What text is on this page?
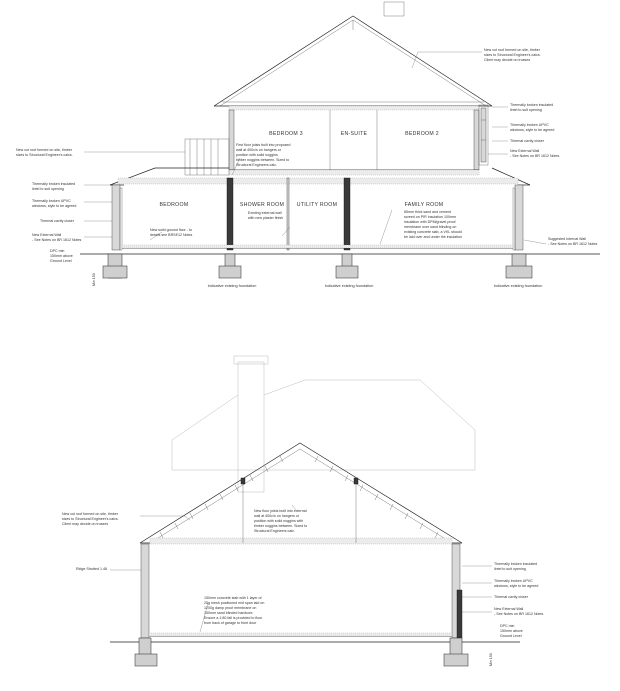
BEDROOM 3	EN-SUITE	BEDROOM 2
BEDROOM	SHOWER ROOM UTILITY ROOM	FAMILY ROOM
New cut roof formed on site, timber sizes to Structural Engineer's calcs. Client may decide on trusses
Thermally broken insulated lintel to suit opening
Thermally broken UPVC windows, style to be agreed
Thermal cavity closer
New External Wall - See Notes on BR 1612 Notes
New cut roof formed on site, timber sizes to Structural Engineer's calcs.
Thermally broken insulated lintel to suit opening
Thermally broken UPVC windows, style to be agreed
Thermal cavity closer
New External Wall - See Notes on BR 1612 Notes
DPC min 150mm above Ground Level
Min 150
First floor joists built into proposed wall at 400c/s on hangers or position with solid noggins timber noggins between. Sized to Structural Engineers calc.
Existing external wall with new plaster finish
New solid ground floor - to details see BRSE12 Notes
65mm thick sand and cement screed on PIR insulation 100mm insulation with DPM/gravel proof membrane over sand blinding on existing concrete slab, a VKL should be laid over and under the insulation	Suggested Internal Wall - See Notes on BR 1612 Notes
Indicative existing foundation	Indicative existing foundation	Indicative existing foundation
New cut roof formed on site, timber sizes to Structural Engineer's calcs. Client may decide on trusses
New floor joists built into external wall at 400c/s on hangers or position with solid noggins with timber noggins between. Sized to Structural Engineers calc.
Ridge Strutted 1.48
150mm concrete slab with 1 layer of 25g mesh positioned mid span laid on 1200g damp proof membrane on 150mm sand blinded hardcore. Ensure a 1:80 fall is provided to floor from back of garage to front door
Thermally broken insulated lintel to suit opening
Thermally broken UPVC windows, style to be agreed
Thermal cavity closer
New External Wall - See Notes on BR 1612 Notes
DPC min 150mm above Ground Level
Min 150
